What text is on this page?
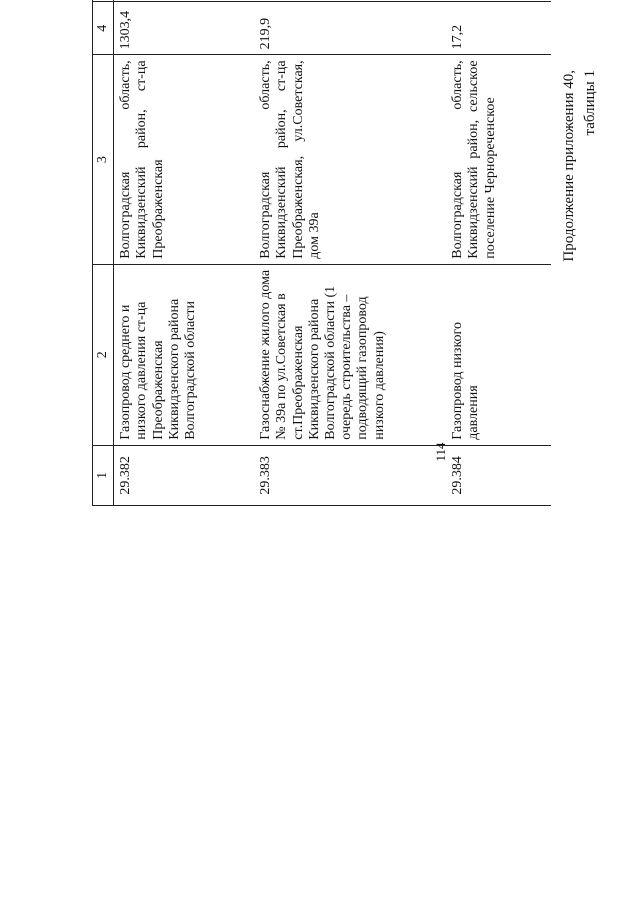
114
Продолжение приложения 40, таблицы 1
1	2	3	4			
29.382	Газопровод среднего и низкого давления ст-ца Преображенская Киквидзенского района Волгоградской области	Волгоградская область, Киквидзенский район, ст-ца Преображенская	1303,4			
29.383	Газоснабжение жилого дома № 39а по ул.Советская в ст.Преображенская Киквидзенского района Волгоградской области (1 очередь строительства – подводящий газопровод низкого давления)	Волгоградская область, Киквидзенский район, ст-ца Преображенская, ул.Советская, дом 39а	219,9			
29.384	Газопровод низкого давления	Волгоградская область, Киквидзенский район, сельское поселение Чернореченское	17,2			
